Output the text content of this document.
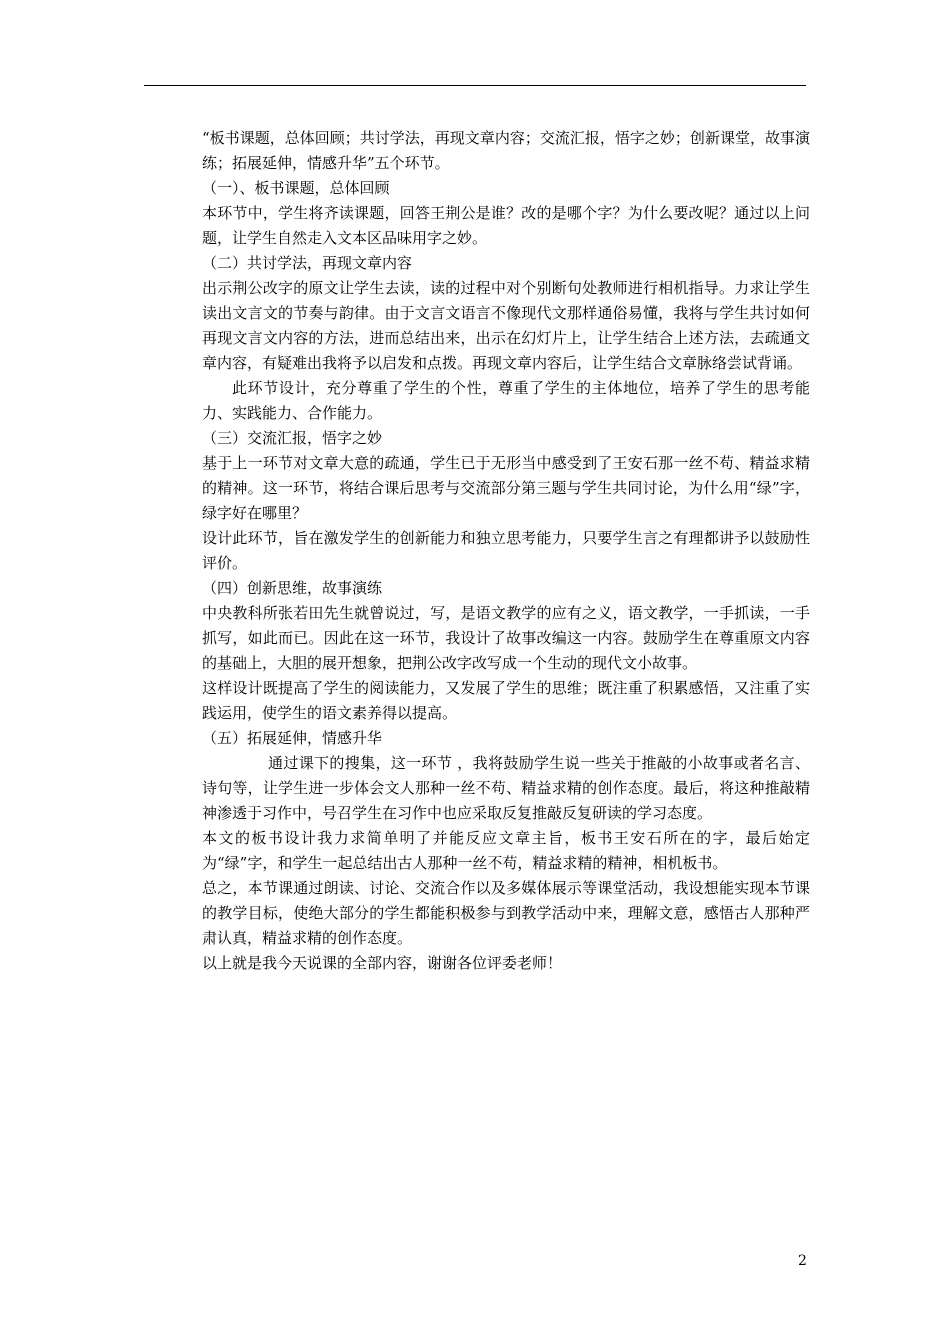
“板书课题，总体回顾；共讨学法，再现文章内容；交流汇报，悟字之妙；创新课堂，故事演练；拓展延伸，情感升华”五个环节。

（一）、板书课题，总体回顾

本环节中，学生将齐读课题，回答王荆公是谁？改的是哪个字？为什么要改呢？通过以上问题，让学生自然走入文本区品味用字之妙。

（二）共讨学法，再现文章内容

出示荆公改字的原文让学生去读，读的过程中对个别断句处教师进行相机指导。力求让学生读出文言文的节奏与韵律。由于文言文语言不像现代文那样通俗易懂，我将与学生共讨如何再现文言文内容的方法，进而总结出来，出示在幻灯片上，让学生结合上述方法，去疏通文章内容，有疑难出我将予以启发和点拨。再现文章内容后，让学生结合文章脉络尝试背诵。

此环节设计，充分尊重了学生的个性，尊重了学生的主体地位，培养了学生的思考能力、实践能力、合作能力。

（三）交流汇报，悟字之妙

基于上一环节对文章大意的疏通，学生已于无形当中感受到了王安石那一丝不苟、精益求精的精神。这一环节，将结合课后思考与交流部分第三题与学生共同讨论，为什么用“绿”字，绿字好在哪里？

设计此环节，旨在激发学生的创新能力和独立思考能力，只要学生言之有理都讲予以鼓励性评价。

（四）创新思维，故事演练

中央教科所张若田先生就曾说过，写，是语文教学的应有之义，语文教学，一手抓读，一手抓写，如此而已。因此在这一环节，我设计了故事改编这一内容。鼓励学生在尊重原文内容的基础上，大胆的展开想象，把荆公改字改写成一个生动的现代文小故事。

这样设计既提高了学生的阅读能力，又发展了学生的思维；既注重了积累感悟，又注重了实践运用，使学生的语文素养得以提高。

（五）拓展延伸，情感升华

通过课下的搜集，这一环节 ，我将鼓励学生说一些关于推敲的小故事或者名言、诗句等，让学生进一步体会文人那种一丝不苟、精益求精的创作态度。最后，将这种推敲精神渗透于习作中，号召学生在习作中也应采取反复推敲反复研读的学习态度。

本文的板书设计我力求简单明了并能反应文章主旨，板书王安石所在的字，最后始定为“绿”字，和学生一起总结出古人那种一丝不苟，精益求精的精神，相机板书。

总之，本节课通过朗读、讨论、交流合作以及多媒体展示等课堂活动，我设想能实现本节课的教学目标，使绝大部分的学生都能积极参与到教学活动中来，理解文意，感悟古人那种严肃认真，精益求精的创作态度。

以上就是我今天说课的全部内容，谢谢各位评委老师！

2
